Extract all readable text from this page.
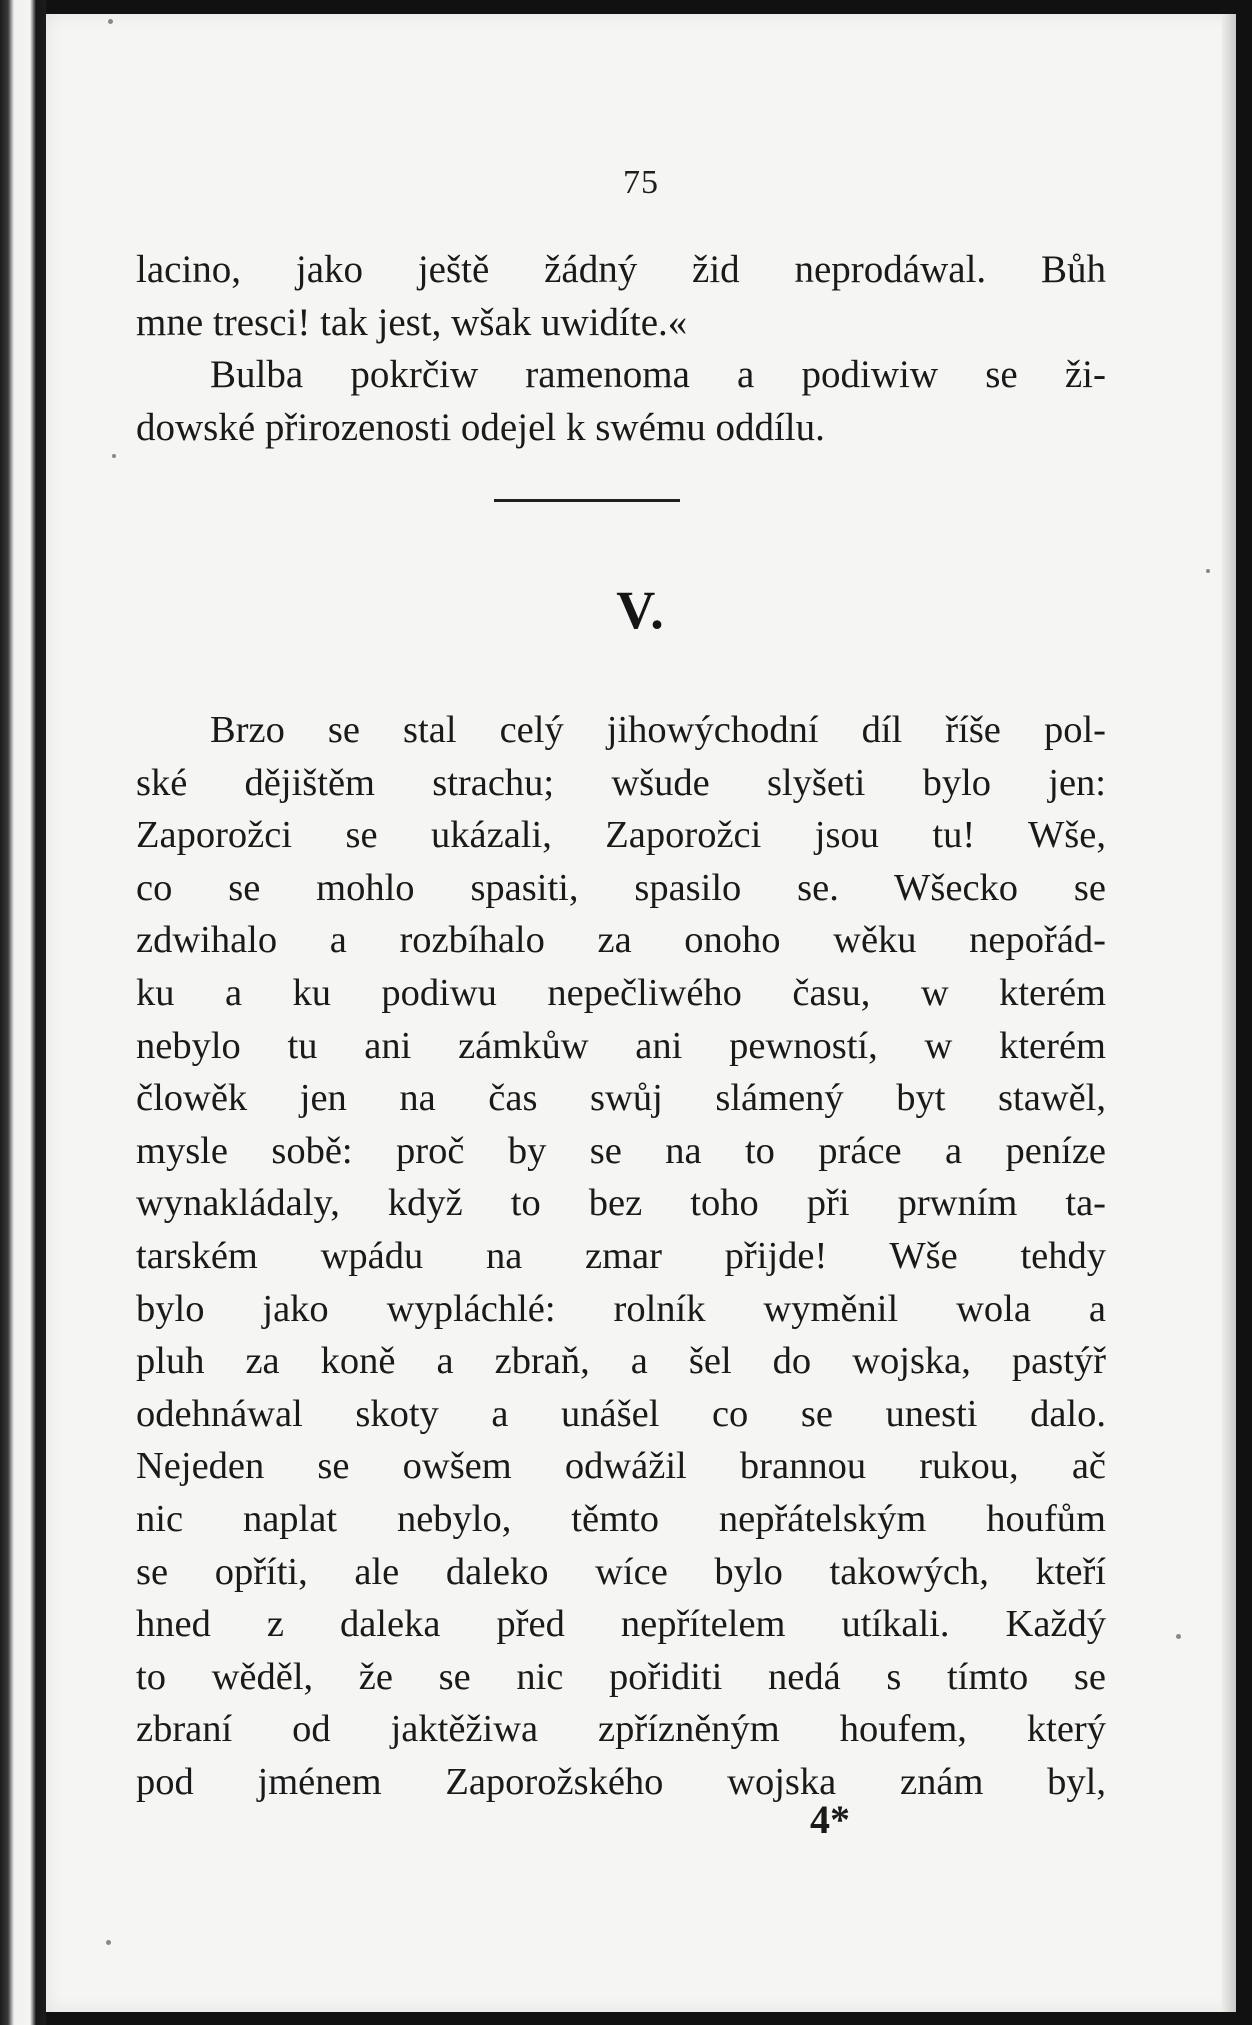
75
lacino, jako ještě žádný žid neprodáwal. Bůh
mne tresci! tak jest, wšak uwidíte.«
Bulba pokrčiw ramenoma a podiwiw se ži-
dowské přirozenosti odejel k swému oddílu.
V.
Brzo se stal celý jihowýchodní díl říše pol-
ské dějištěm strachu; wšude slyšeti bylo jen:
Zaporožci se ukázali, Zaporožci jsou tu! Wše,
co se mohlo spasiti, spasilo se. Wšecko se
zdwihalo a rozbíhalo za onoho wěku nepořád-
ku a ku podiwu nepečliwého času, w kterém
nebylo tu ani zámkůw ani pewností, w kterém
člowěk jen na čas swůj slámený byt stawěl,
mysle sobě: proč by se na to práce a peníze
wynakládaly, když to bez toho při prwním ta-
tarském wpádu na zmar přijde! Wše tehdy
bylo jako wypláchlé: rolník wyměnil wola a
pluh za koně a zbraň, a šel do wojska, pastýř
odehnáwal skoty a unášel co se unesti dalo.
Nejeden se owšem odwážil brannou rukou, ač
nic naplat nebylo, těmto nepřátelským houfům
se opříti, ale daleko wíce bylo takowých, kteří
hned z daleka před nepřítelem utíkali. Každý
to wěděl, že se nic pořiditi nedá s tímto se
zbraní od jaktěžiwa zpřízněným houfem, který
pod jménem Zaporožského wojska znám byl,
4*
